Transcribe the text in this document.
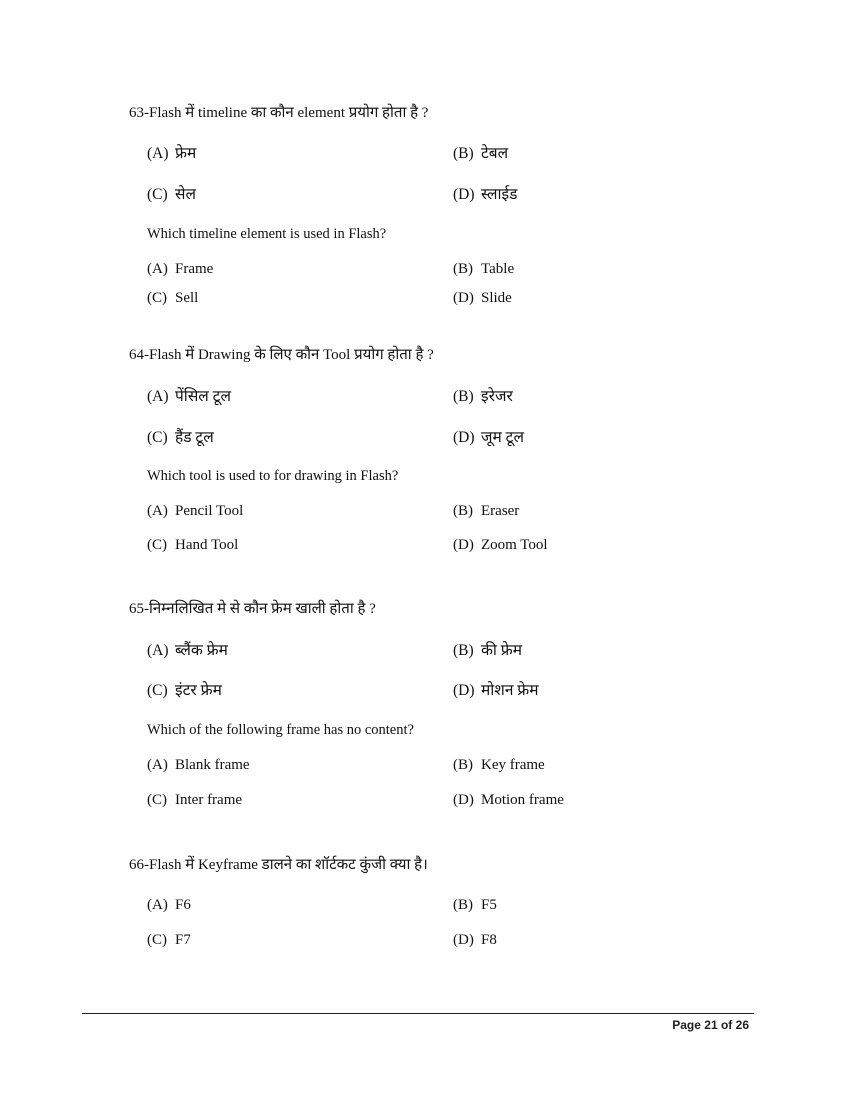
63-Flash में timeline का कौन element प्रयोग होता है ?
(A) फ्रेम	(B) टेबल
(C) सेल	(D) स्लाईड
Which timeline element is used in Flash?
(A) Frame	(B) Table
(C) Sell	(D) Slide
64-Flash में Drawing के लिए कौन Tool प्रयोग होता है ?
(A) पेंसिल टूल	(B) इरेजर
(C) हैंड टूल	(D) जूम टूल
Which tool is used to for drawing in Flash?
(A) Pencil Tool	(B) Eraser
(C) Hand Tool	(D) Zoom Tool
65-निम्नलिखित मे से कौन फ्रेम खाली होता है ?
(A) ब्लैंक फ्रेम	(B) की फ्रेम
(C) इंटर फ्रेम	(D) मोशन फ्रेम
Which of the following frame has no content?
(A) Blank frame	(B) Key frame
(C) Inter frame	(D) Motion frame
66-Flash में Keyframe डालने का शॉर्टकट कुंजी क्या है।
(A) F6	(B) F5
(C) F7	(D) F8
Page 21 of 26
